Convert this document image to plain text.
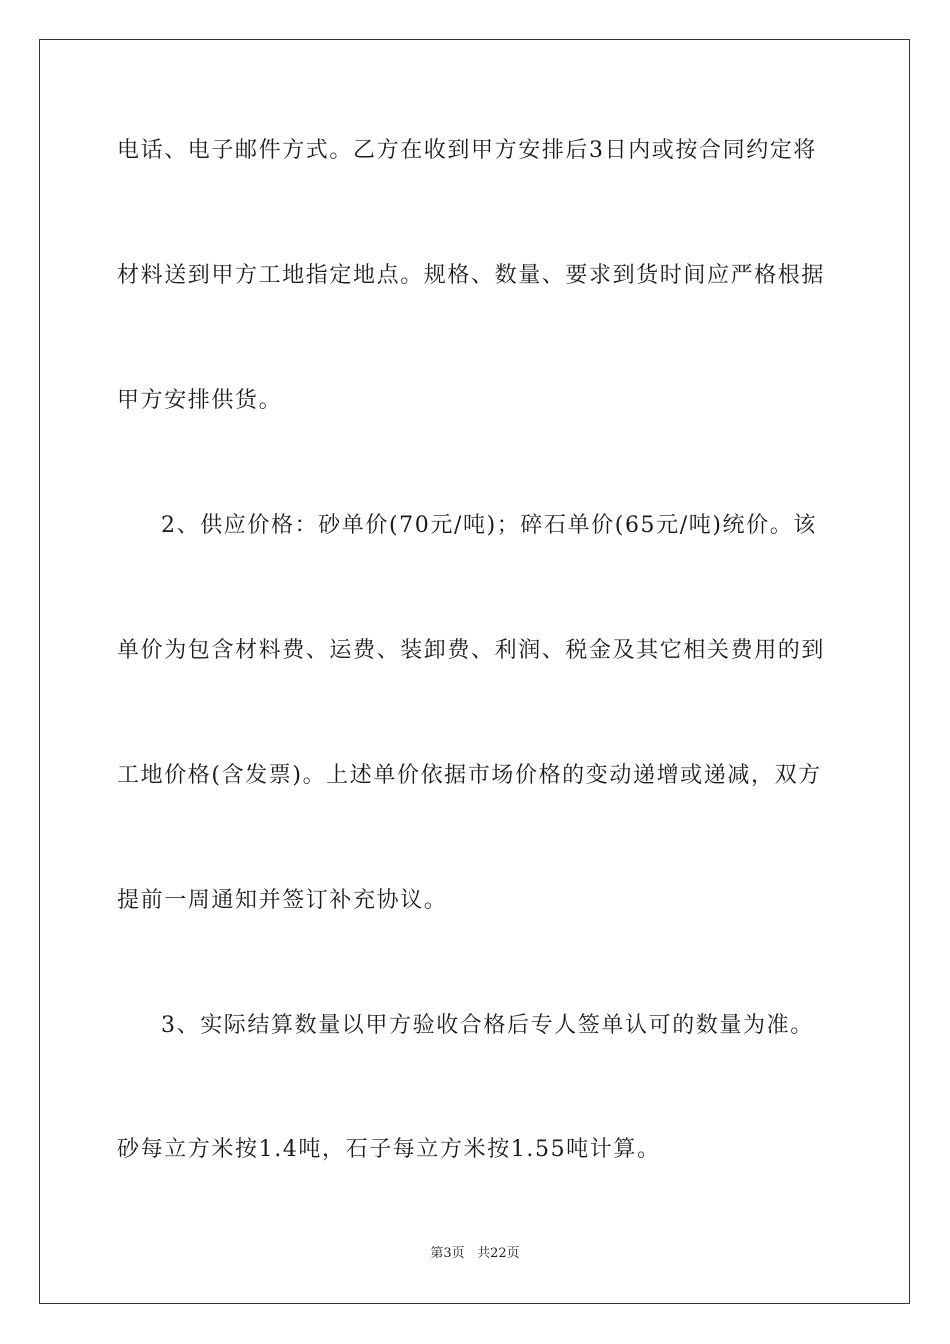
电话、电子邮件方式。乙方在收到甲方安排后3日内或按合同约定将
材料送到甲方工地指定地点。规格、数量、要求到货时间应严格根据
甲方安排供货。
2、供应价格：砂单价(70元/吨)；碎石单价(65元/吨)统价。该
单价为包含材料费、运费、装卸费、利润、税金及其它相关费用的到
工地价格(含发票)。上述单价依据市场价格的变动递增或递减，双方
提前一周通知并签订补充协议。
3、实际结算数量以甲方验收合格后专人签单认可的数量为准。
砂每立方米按1.4吨，石子每立方米按1.55吨计算。
第3页 共22页
